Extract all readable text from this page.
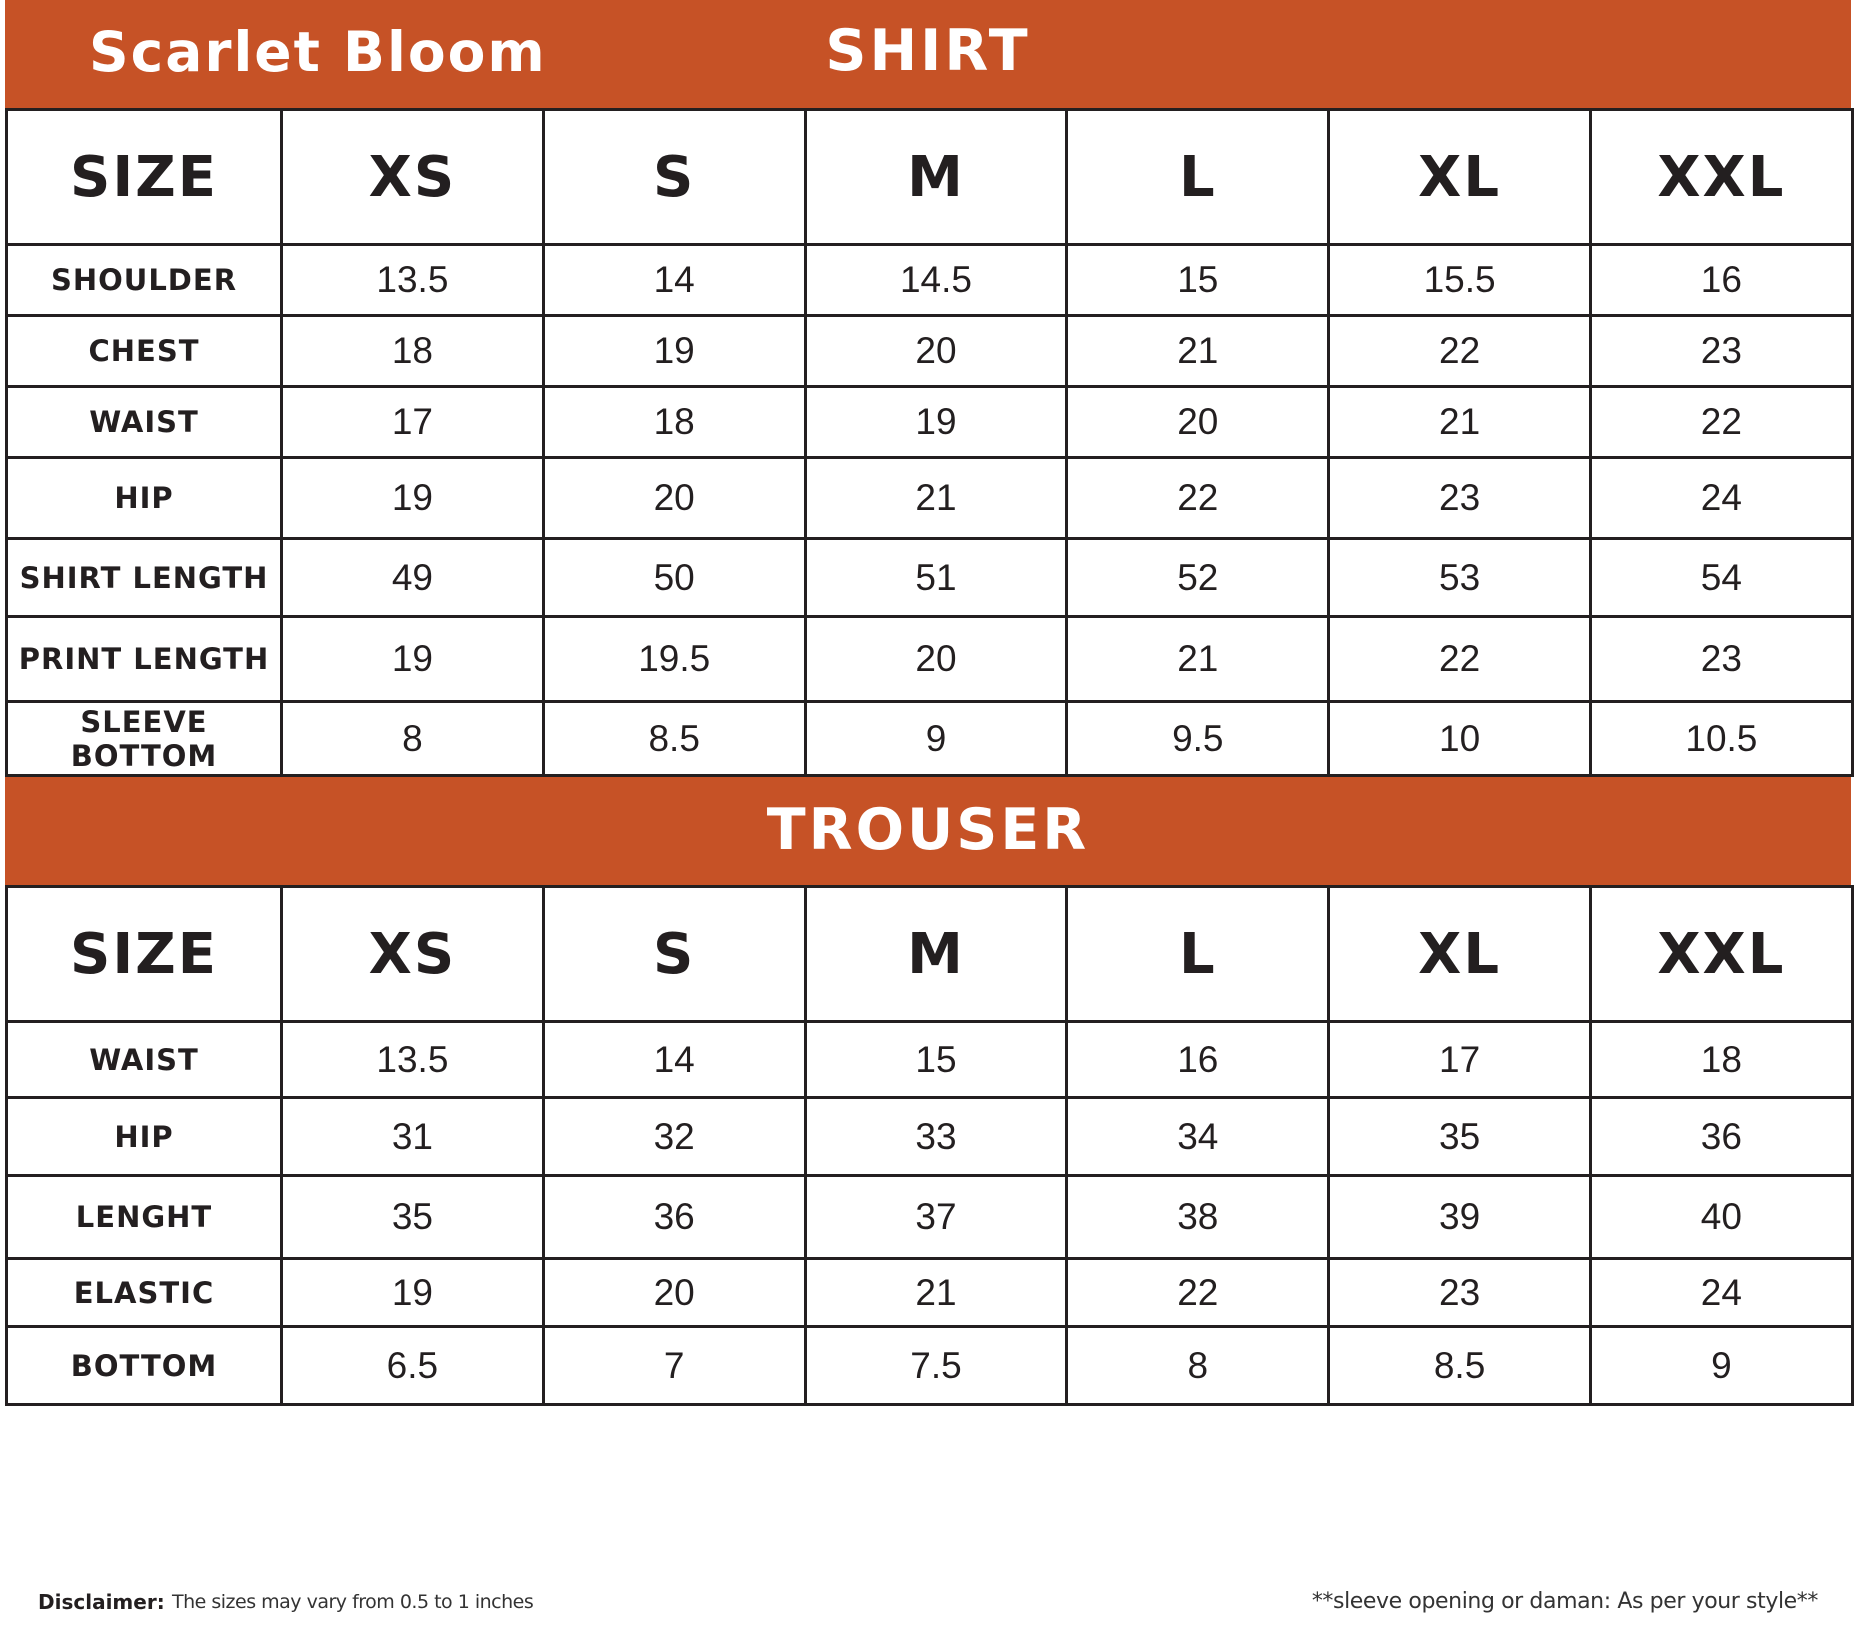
Scarlet Bloom	SHIRT
SIZE	XS	S	M	L	XL	XXL
SHOULDER	13.5	14	14.5	15	15.5	16
CHEST	18	19	20	21	22	23
WAIST	17	18	19	20	21	22
HIP	19	20	21	22	23	24
SHIRT LENGTH	49	50	51	52	53	54
PRINT LENGTH	19	19.5	20	21	22	23
SLEEVE BOTTOM	8	8.5	9	9.5	10	10.5
TROUSER
SIZE	XS	S	M	L	XL	XXL
WAIST	13.5	14	15	16	17	18
HIP	31	32	33	34	35	36
LENGHT	35	36	37	38	39	40
ELASTIC	19	20	21	22	23	24
BOTTOM	6.5	7	7.5	8	8.5	9
Disclaimer: The sizes may vary from 0.5 to 1 inches	**sleeve opening or daman: As per your style**
